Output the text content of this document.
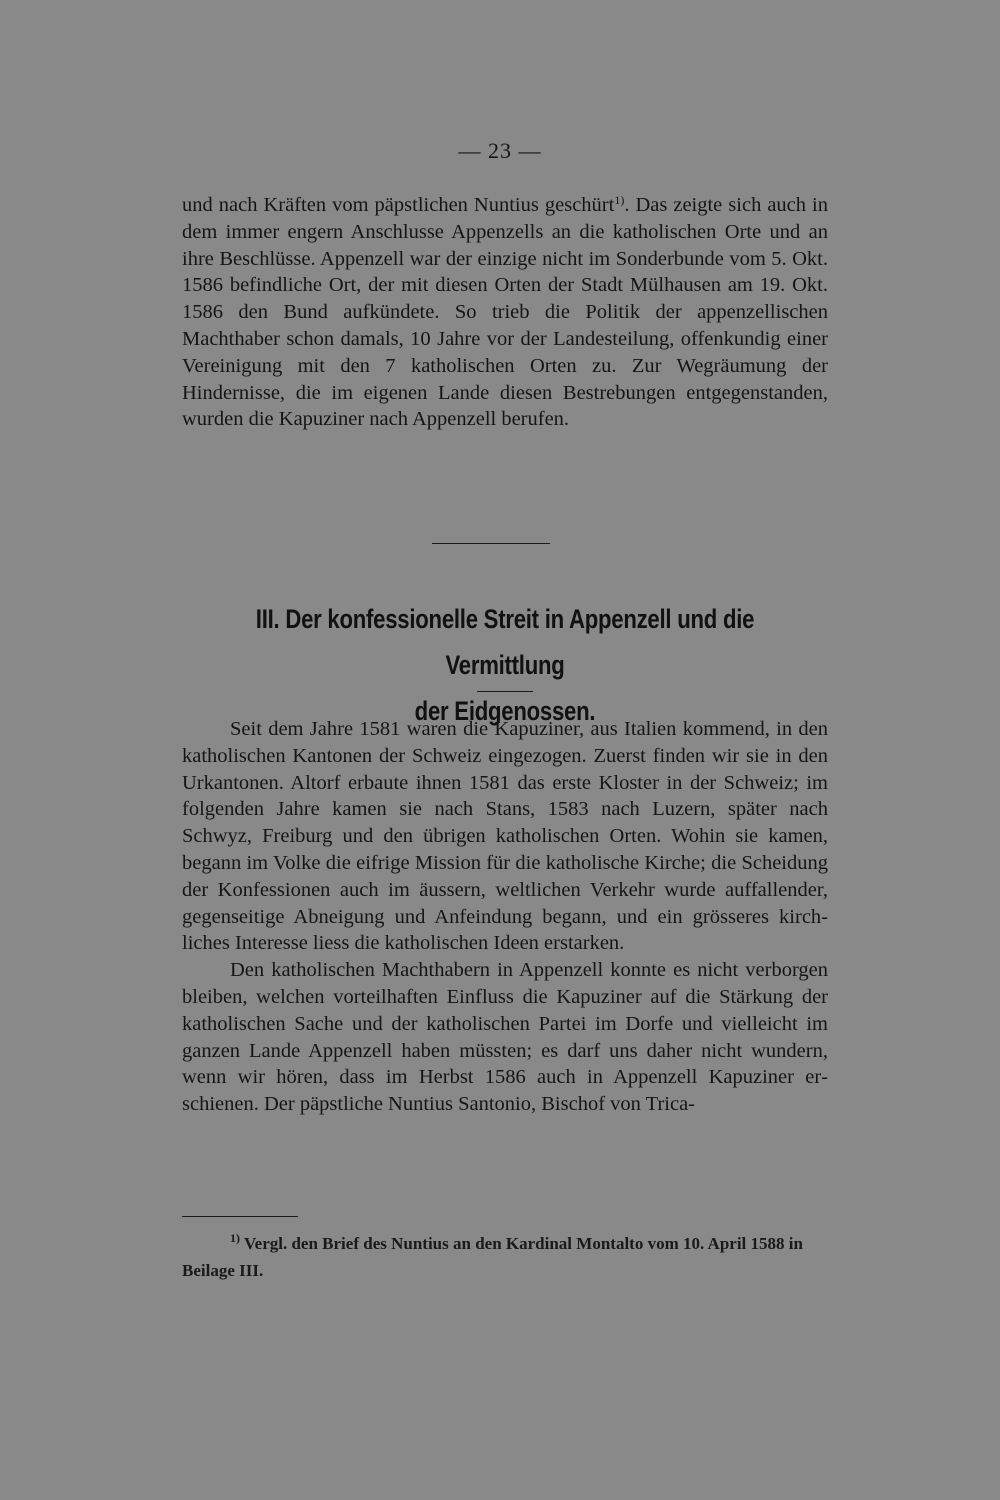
— 23 —

und nach Kräften vom päpstlichen Nuntius geschürt$^{1)}$. Das zeigte sich auch in dem immer engern Anschlusse Appenzells an die katholischen Orte und an ihre Beschlüsse. Appenzell war der einzige nicht im Sonderbunde vom 5. Okt. 1586 befindliche Ort, der mit diesen Orten der Stadt Mülhausen am 19. Okt. 1586 den Bund aufkündete. So trieb die Politik der appenzellischen Machthaber schon damals, 10 Jahre vor der Landesteilung, offenkundig einer Vereinigung mit den 7 katholischen Orten zu. Zur Wegräumung der Hindernisse, die im eigenen Lande diesen Bestrebungen entgegenstanden, wurden die Kapuziner nach Appenzell berufen.

III. Der konfessionelle Streit in Appenzell und die Vermittlung
der Eidgenossen.

Seit dem Jahre 1581 waren die Kapuziner, aus Italien kommend, in den katholischen Kantonen der Schweiz eingezogen. Zuerst finden wir sie in den Urkantonen. Altorf erbaute ihnen 1581 das erste Kloster in der Schweiz; im folgenden Jahre kamen sie nach Stans, 1583 nach Luzern, später nach Schwyz, Freiburg und den übrigen katholischen Orten. Wohin sie kamen, begann im Volke die eifrige Mission für die katholische Kirche; die Scheidung der Konfessionen auch im äussern, weltlichen Verkehr wurde auffallender, gegenseitige Abneigung und Anfeindung begann, und ein grösseres kirchliches Interesse liess die katholischen Ideen erstarken.

Den katholischen Machthabern in Appenzell konnte es nicht verborgen bleiben, welchen vorteilhaften Einfluss die Kapuziner auf die Stärkung der katholischen Sache und der katholischen Partei im Dorfe und vielleicht im ganzen Lande Appenzell haben müssten; es darf uns daher nicht wundern, wenn wir hören, dass im Herbst 1586 auch in Appenzell Kapuziner erschienen. Der päpstliche Nuntius Santonio, Bischof von Trica-

$^{1)}$ Vergl. den Brief des Nuntius an den Kardinal Montalto vom 10. April 1588 in Beilage III.
